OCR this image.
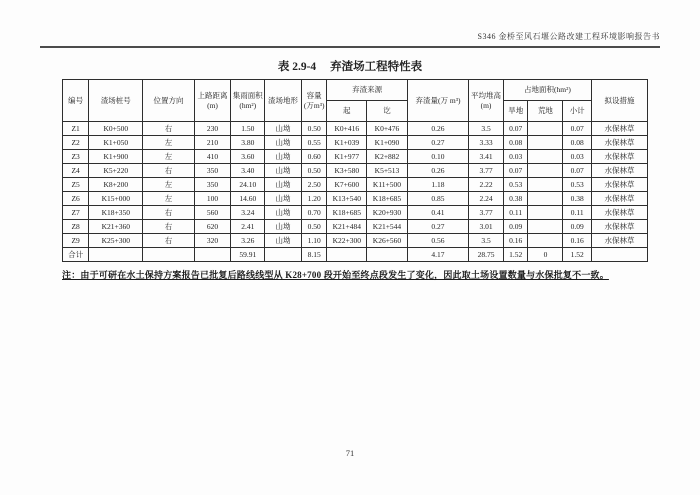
S346 金桥至风石堰公路改建工程环境影响报告书
表 2.9-4 弃渣场工程特性表
编号	渣场桩号	位置方向	上路距离(m)	集雨面积(hm²)	渣场地形	容量(万m³)	弃渣来源		弃渣量(万 m³)	平均堆高(m)	占地面积(hm²)			拟设措施
							起	讫			旱地	荒地	小计	
Z1	K0+500	右	230	1.50	山坳	0.50	K0+416	K0+476	0.26	3.5	0.07		0.07	水保林草
Z2	K1+050	左	210	3.80	山坳	0.55	K1+039	K1+090	0.27	3.33	0.08		0.08	水保林草
Z3	K1+900	左	410	3.60	山坳	0.60	K1+977	K2+882	0.10	3.41	0.03		0.03	水保林草
Z4	K5+220	右	350	3.40	山坳	0.50	K3+580	K5+513	0.26	3.77	0.07		0.07	水保林草
Z5	K8+200	左	350	24.10	山坳	2.50	K7+600	K11+500	1.18	2.22	0.53		0.53	水保林草
Z6	K15+000	左	100	14.60	山坳	1.20	K13+540	K18+685	0.85	2.24	0.38		0.38	水保林草
Z7	K18+350	右	560	3.24	山坳	0.70	K18+685	K20+930	0.41	3.77	0.11		0.11	水保林草
Z8	K21+360	右	620	2.41	山坳	0.50	K21+484	K21+544	0.27	3.01	0.09		0.09	水保林草
Z9	K25+300	右	320	3.26	山坳	1.10	K22+300	K26+560	0.56	3.5	0.16		0.16	水保林草
合计				59.91		8.15			4.17	28.75	1.52	0	1.52	
注：由于可研在水土保持方案报告已批复后路线线型从 K28+700 段开始至终点段发生了变化，因此取土场设置数量与水保批复不一致。
71
